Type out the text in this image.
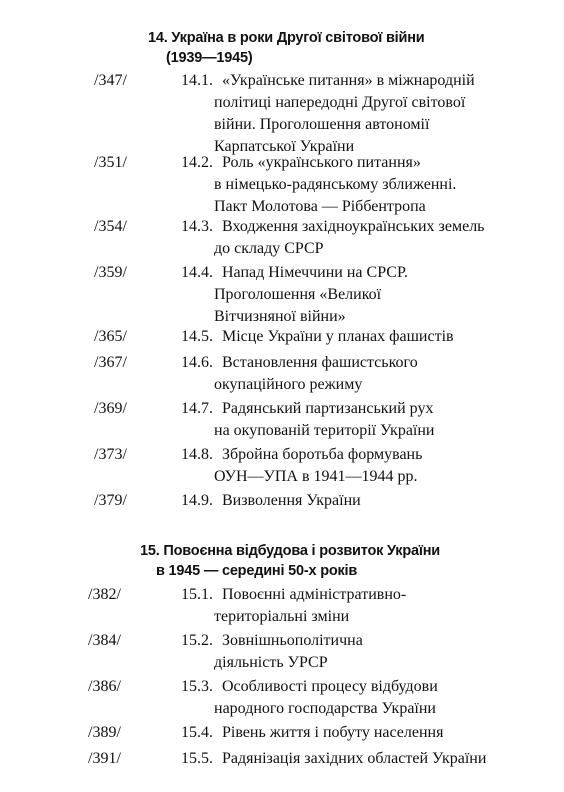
14. Україна в роки Другої світової війни
(1939—1945)
/347/	14.1. «Українське питання» в міжнародній
політиці напередодні Другої світової
війни. Проголошення автономії
Карпатської України
/351/	14.2. Роль «українського питання»
в німецько-радянському зближенні.
Пакт Молотова — Ріббентропа
/354/	14.3. Входження західноукраїнських земель
до складу СРСР
/359/	14.4. Напад Німеччини на СРСР.
Проголошення «Великої
Вітчизняної війни»
/365/	14.5. Місце України у планах фашистів
/367/	14.6. Встановлення фашистського
окупаційного режиму
/369/	14.7. Радянський партизанський рух
на окупованій території України
/373/	14.8. Збройна боротьба формувань
ОУН—УПА в 1941—1944 рр.
/379/	14.9. Визволення України
15. Повоєнна відбудова і розвиток України
в 1945 — середині 50-х років
/382/	15.1. Повоєнні адміністративно-
територіальні зміни
/384/	15.2. Зовнішньополітична
діяльність УРСР
/386/	15.3. Особливості процесу відбудови
народного господарства України
/389/	15.4. Рівень життя і побуту населення
/391/	15.5. Радянізація західних областей України
